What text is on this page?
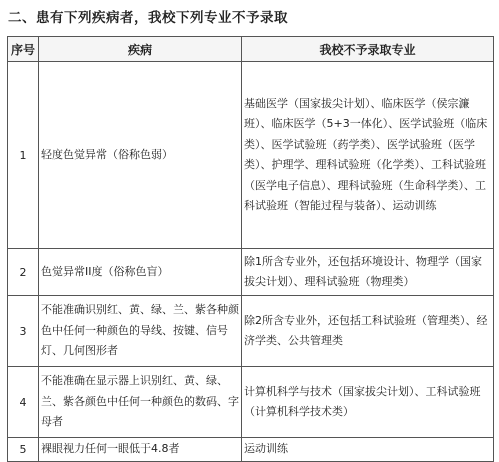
二、患有下列疾病者，我校下列专业不予录取
序号	疾病	我校不予录取专业
1	轻度色觉异常（俗称色弱）	基础医学（国家拔尖计划）、临床医学（侯宗濂班）、临床医学（5+3一体化）、医学试验班（临床类）、医学试验班（药学类）、医学试验班（医学类）、护理学、理科试验班（化学类）、工科试验班（医学电子信息）、理科试验班（生命科学类）、工科试验班（智能过程与装备）、运动训练
2	色觉异常II度（俗称色盲）	除1所含专业外，还包括环境设计、物理学（国家拔尖计划）、理科试验班（物理类）
3	不能准确识别红、黄、绿、兰、紫各种颜色中任何一种颜色的导线、按键、信号灯、几何图形者	除2所含专业外，还包括工科试验班（管理类）、经济学类、公共管理类
4	不能准确在显示器上识别红、黄、绿、兰、紫各颜色中任何一种颜色的数码、字母者	计算机科学与技术（国家拔尖计划）、工科试验班（计算机科学技术类）
5	裸眼视力任何一眼低于4.8者	运动训练
